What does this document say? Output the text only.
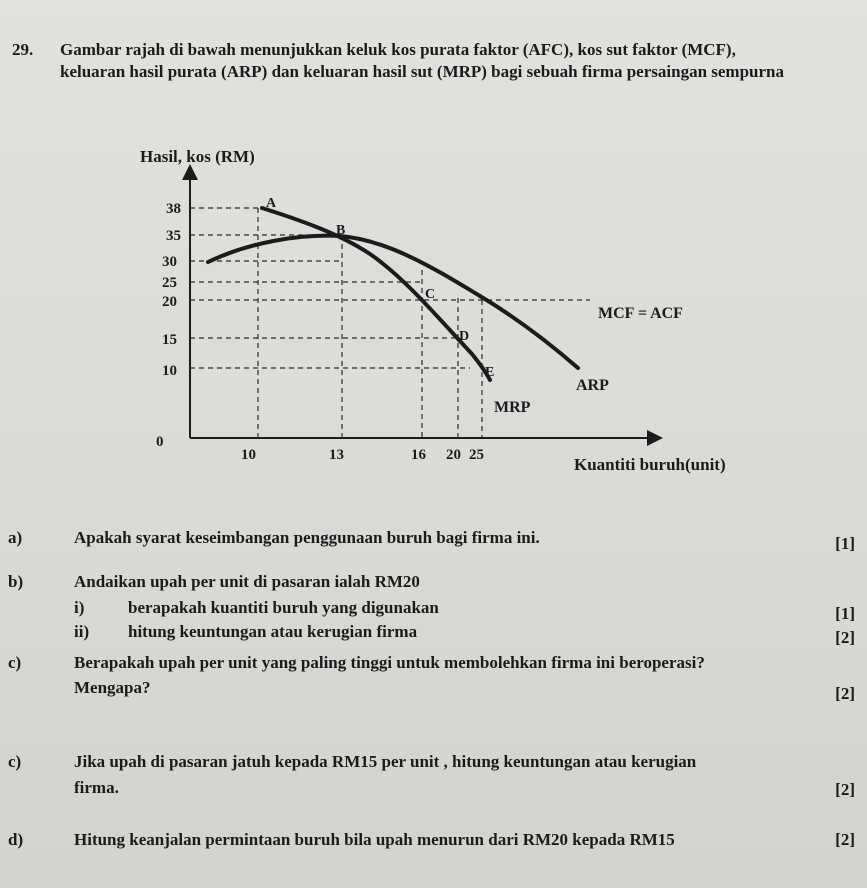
29. Gambar rajah di bawah menunjukkan keluk kos purata faktor (AFC), kos sut faktor (MCF),
keluaran hasil purata (ARP) dan keluaran hasil sut (MRP) bagi sebuah firma persaingan sempurna
Hasil, kos (RM)
Kuantiti buruh(unit)
0
38
35
30
25
20
15
10
10	13	16 20 25
MCF = ACF
ARP
MRP
A
B
C
D
E
a)	Apakah syarat keseimbangan penggunaan buruh bagi firma ini.	[1]
b)	Andaikan upah per unit di pasaran ialah RM20
i)	berapakah kuantiti buruh yang digunakan	[1]
ii) hitung keuntungan atau kerugian firma	[2]
c)	Berapakah upah per unit yang paling tinggi untuk membolehkan firma ini beroperasi?
Mengapa?	[2]
c)	Jika upah di pasaran jatuh kepada RM15 per unit , hitung keuntungan atau kerugian
firma.	[2]
d)	Hitung keanjalan permintaan buruh bila upah menurun dari RM20 kepada RM15	[2]
